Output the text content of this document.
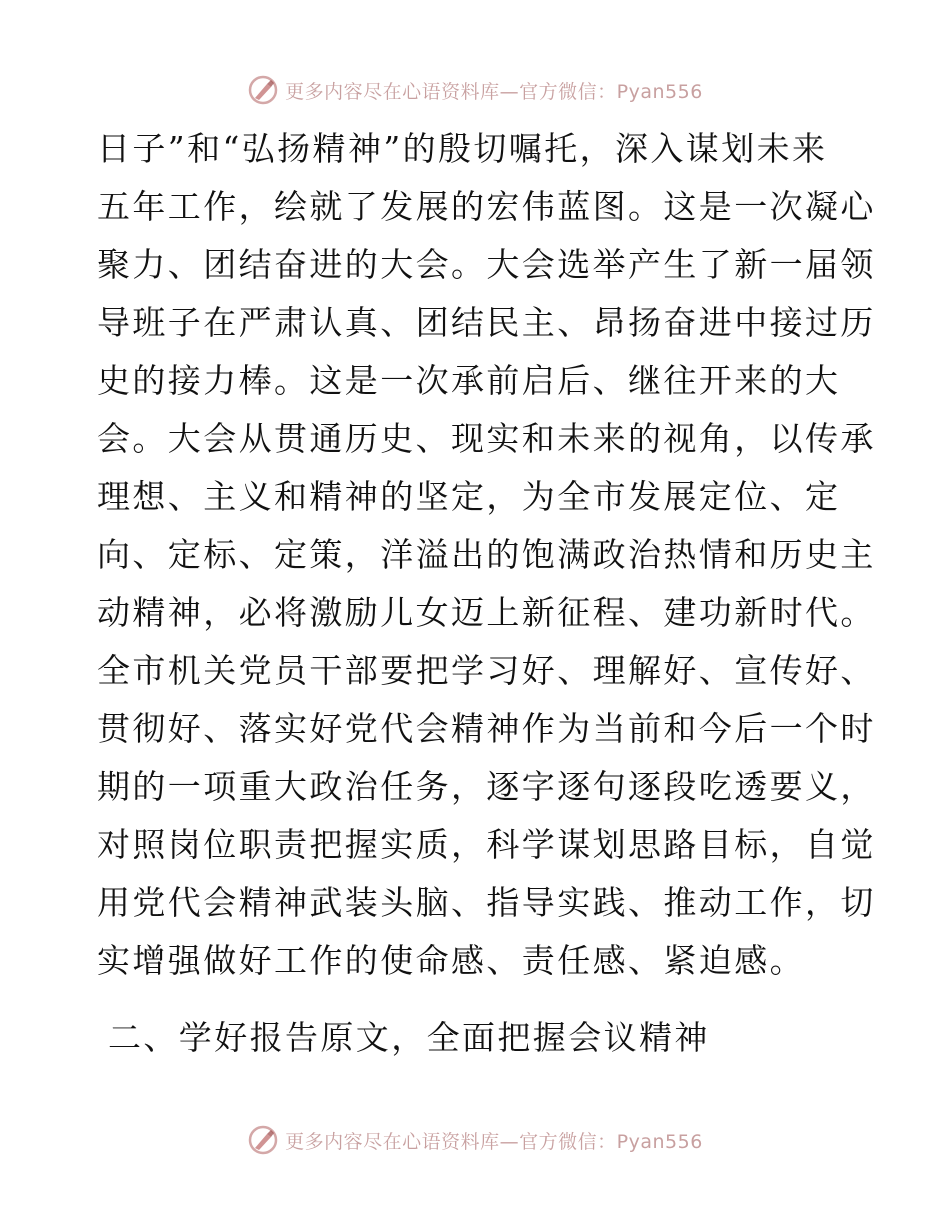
更多内容尽在心语资料库—官方微信：Pyan556
日子”和“弘扬精神”的殷切嘱托，深入谋划未来
五年工作，绘就了发展的宏伟蓝图。这是一次凝心
聚力、团结奋进的大会。大会选举产生了新一届领
导班子在严肃认真、团结民主、昂扬奋进中接过历
史的接力棒。这是一次承前启后、继往开来的大
会。大会从贯通历史、现实和未来的视角，以传承
理想、主义和精神的坚定，为全市发展定位、定
向、定标、定策，洋溢出的饱满政治热情和历史主
动精神，必将激励儿女迈上新征程、建功新时代。
全市机关党员干部要把学习好、理解好、宣传好、
贯彻好、落实好党代会精神作为当前和今后一个时
期的一项重大政治任务，逐字逐句逐段吃透要义，
对照岗位职责把握实质，科学谋划思路目标，自觉
用党代会精神武装头脑、指导实践、推动工作，切
实增强做好工作的使命感、责任感、紧迫感。
二、学好报告原文，全面把握会议精神
更多内容尽在心语资料库—官方微信：Pyan556
